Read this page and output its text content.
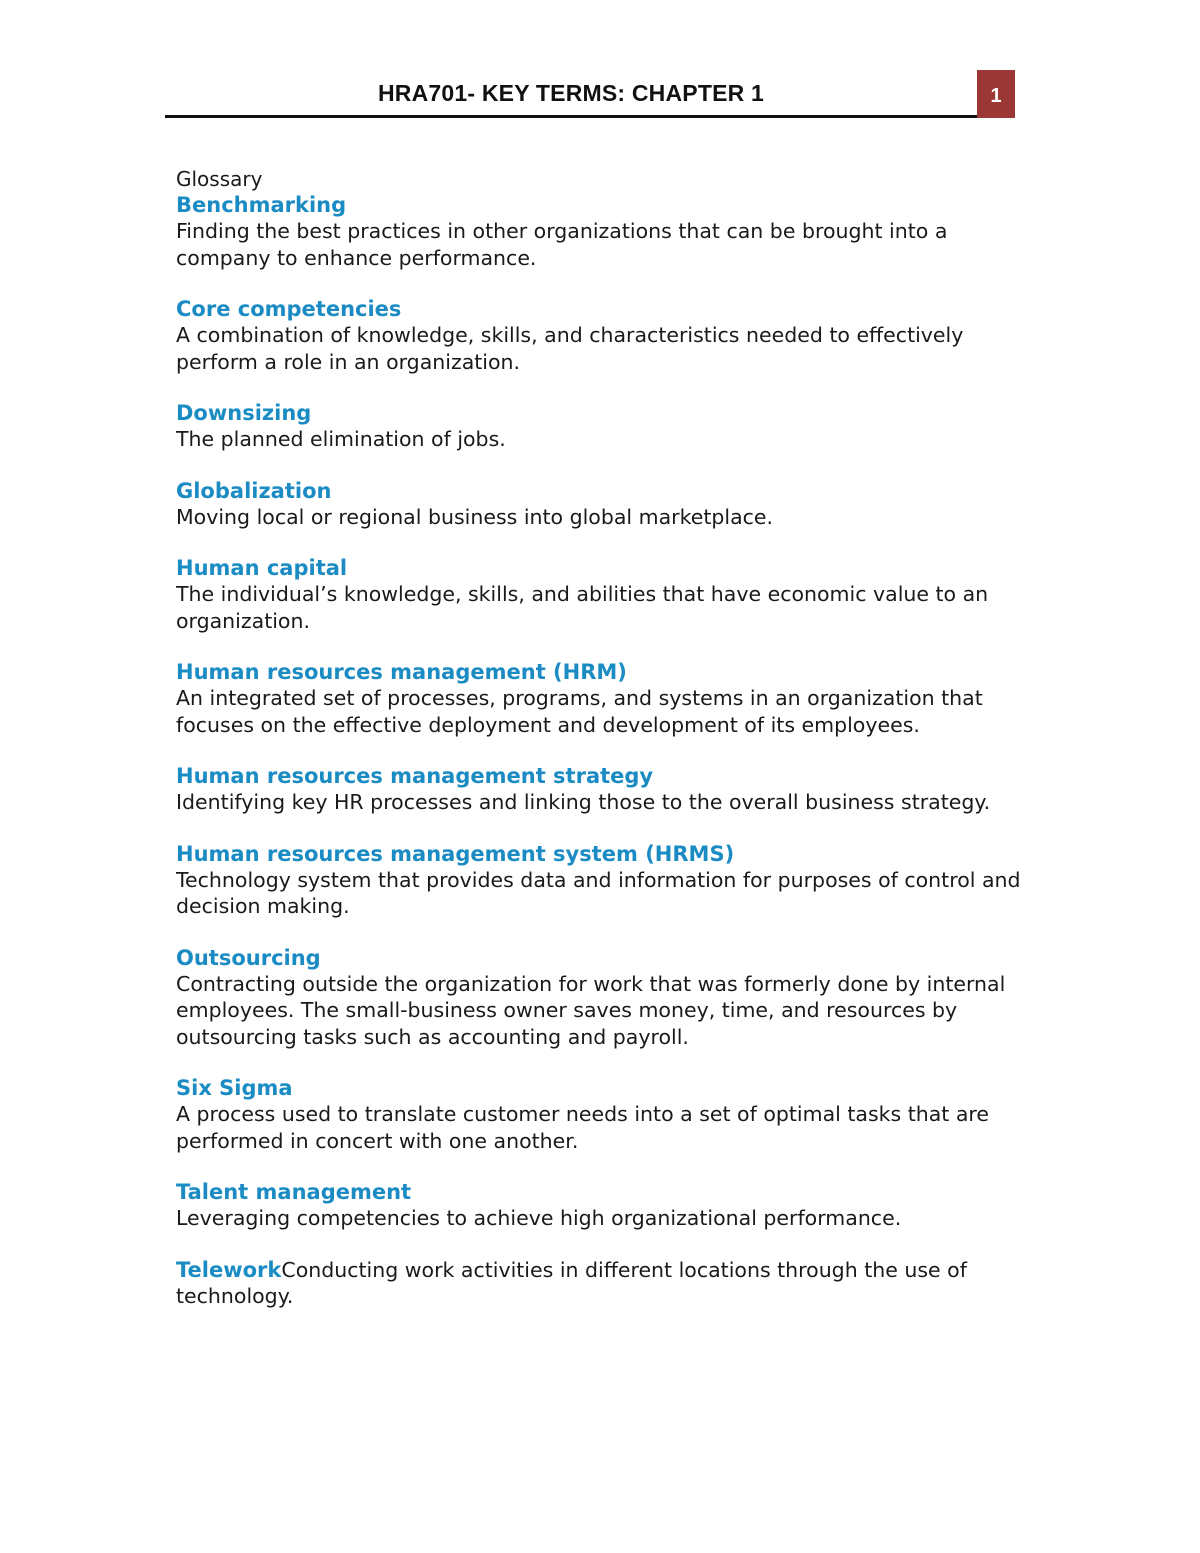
HRA701- KEY TERMS: CHAPTER 1	1
Glossary
Benchmarking
Finding the best practices in other organizations that can be brought into a company to enhance performance.
Core competencies
A combination of knowledge, skills, and characteristics needed to effectively perform a role in an organization.
Downsizing
The planned elimination of jobs.
Globalization
Moving local or regional business into global marketplace.
Human capital
The individual’s knowledge, skills, and abilities that have economic value to an organization.
Human resources management (HRM)
An integrated set of processes, programs, and systems in an organization that focuses on the effective deployment and development of its employees.
Human resources management strategy
Identifying key HR processes and linking those to the overall business strategy.
Human resources management system (HRMS)
Technology system that provides data and information for purposes of control and decision making.
Outsourcing
Contracting outside the organization for work that was formerly done by internal employees. The small-business owner saves money, time, and resources by outsourcing tasks such as accounting and payroll.
Six Sigma
A process used to translate customer needs into a set of optimal tasks that are performed in concert with one another.
Talent management
Leveraging competencies to achieve high organizational performance.
TeleworkConducting work activities in different locations through the use of technology.
